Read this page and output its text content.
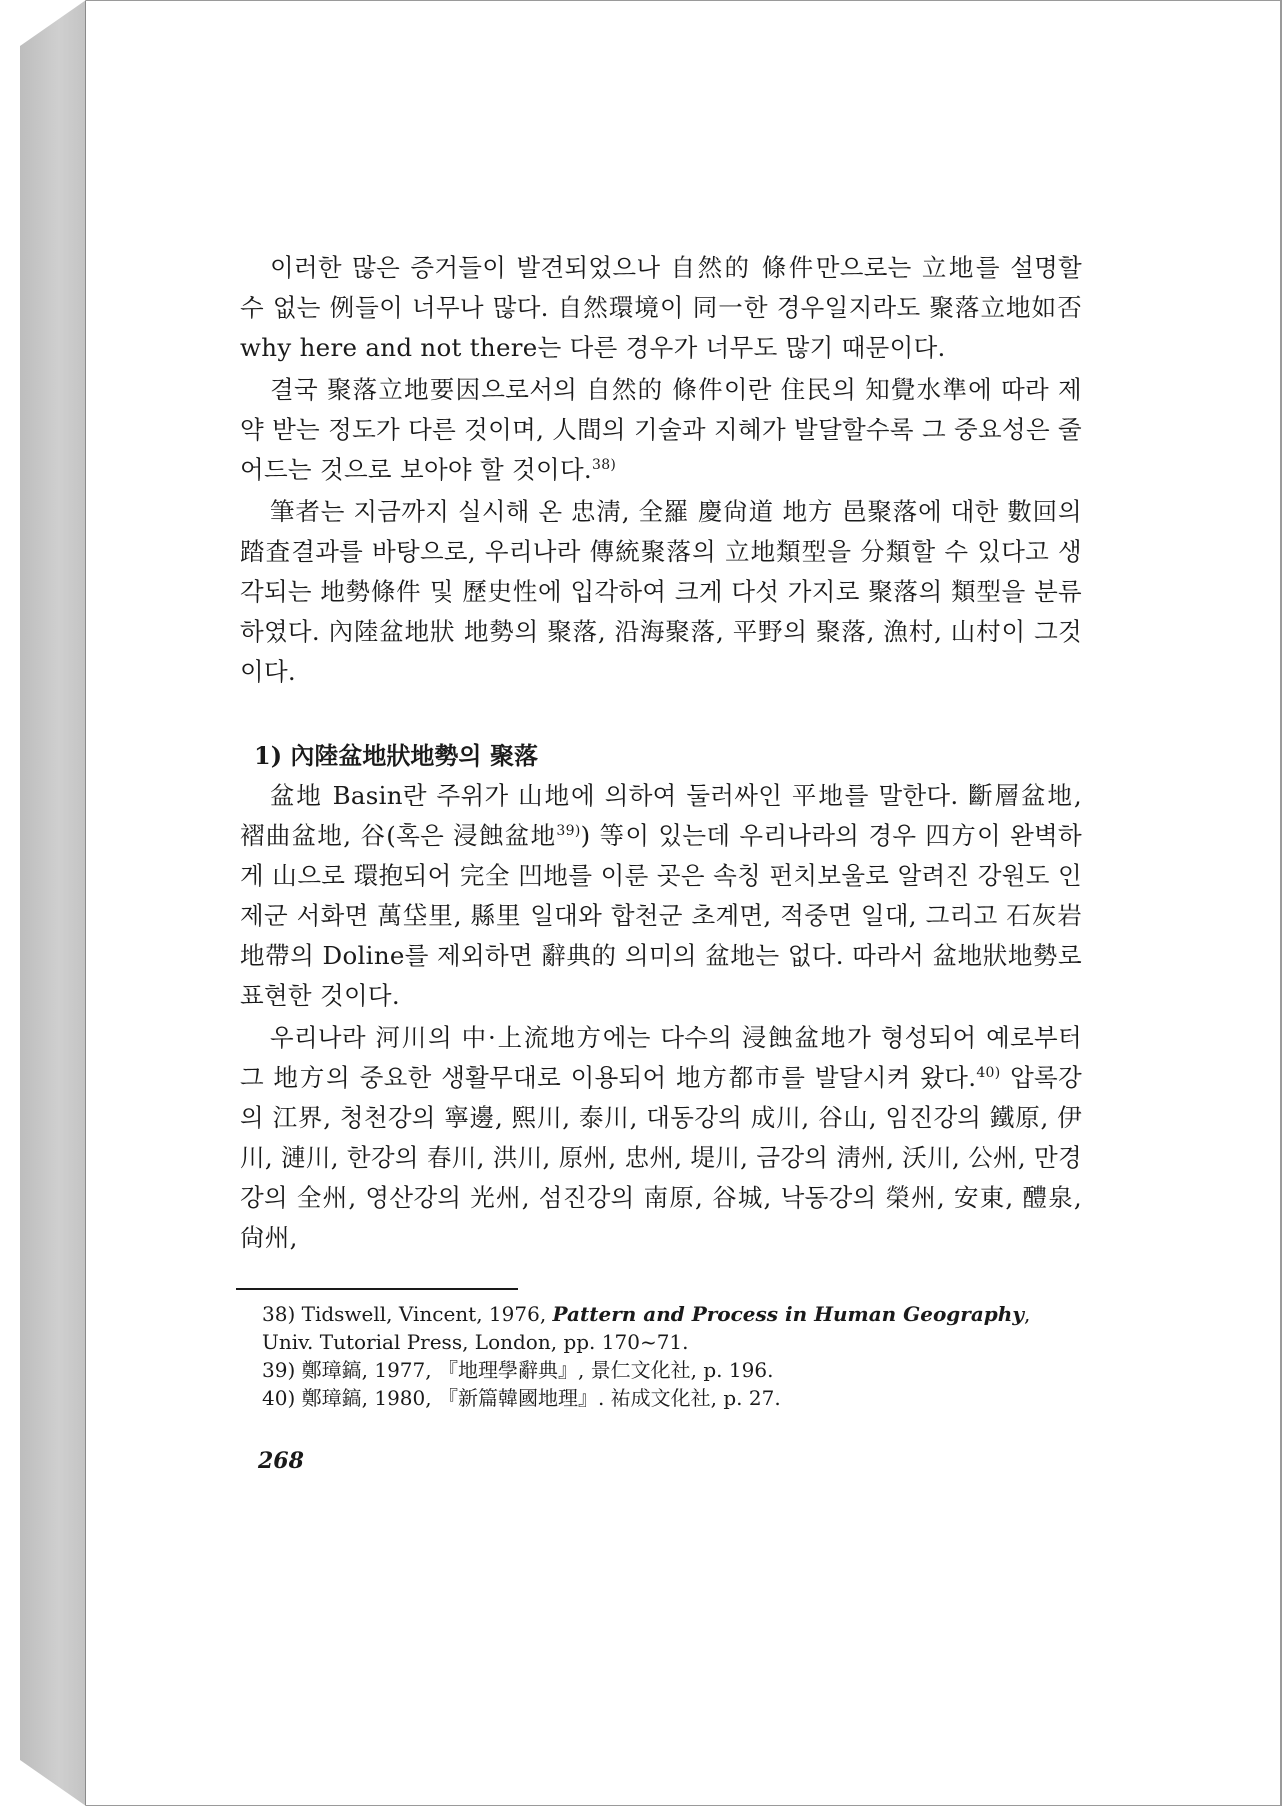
이러한 많은 증거들이 발견되었으나 自然的 條件만으로는 立地를 설명할 수 없는 例들이 너무나 많다. 自然環境이 同一한 경우일지라도 聚落立地如否 why here and not there는 다른 경우가 너무도 많기 때문이다.

결국 聚落立地要因으로서의 自然的 條件이란 住民의 知覺水準에 따라 제약 받는 정도가 다른 것이며, 人間의 기술과 지혜가 발달할수록 그 중요성은 줄어드는 것으로 보아야 할 것이다.$^{38)}$

筆者는 지금까지 실시해 온 忠淸, 全羅 慶尙道 地方 邑聚落에 대한 數回의 踏査결과를 바탕으로, 우리나라 傳統聚落의 立地類型을 分類할 수 있다고 생각되는 地勢條件 및 歷史性에 입각하여 크게 다섯 가지로 聚落의 類型을 분류하였다. 內陸盆地狀 地勢의 聚落, 沿海聚落, 平野의 聚落, 漁村, 山村이 그것이다.

1) 內陸盆地狀地勢의 聚落

盆地 Basin란 주위가 山地에 의하여 둘러싸인 平地를 말한다. 斷層盆地, 褶曲盆地, 谷(혹은 浸蝕盆地$^{39)}$) 等이 있는데 우리나라의 경우 四方이 완벽하게 山으로 環抱되어 完全 凹地를 이룬 곳은 속칭 펀치보울로 알려진 강원도 인제군 서화면 萬垈里, 縣里 일대와 합천군 초계면, 적중면 일대, 그리고 石灰岩地帶의 Doline를 제외하면 辭典的 의미의 盆地는 없다. 따라서 盆地狀地勢로 표현한 것이다.

우리나라 河川의 中·上流地方에는 다수의 浸蝕盆地가 형성되어 예로부터 그 地方의 중요한 생활무대로 이용되어 地方都市를 발달시켜 왔다.$^{40)}$ 압록강의 江界, 청천강의 寧邊, 熙川, 泰川, 대동강의 成川, 谷山, 임진강의 鐵原, 伊川, 漣川, 한강의 春川, 洪川, 原州, 忠州, 堤川, 금강의 淸州, 沃川, 公州, 만경강의 全州, 영산강의 光州, 섬진강의 南原, 谷城, 낙동강의 榮州, 安東, 醴泉, 尙州,

38) Tidswell, Vincent, 1976, Pattern and Process in Human Geography, Univ. Tutorial Press, London, pp. 170~71.

39) 鄭璋鎬, 1977, 『地理學辭典』, 景仁文化社, p. 196.

40) 鄭璋鎬, 1980, 『新篇韓國地理』. 祐成文化社, p. 27.

268
